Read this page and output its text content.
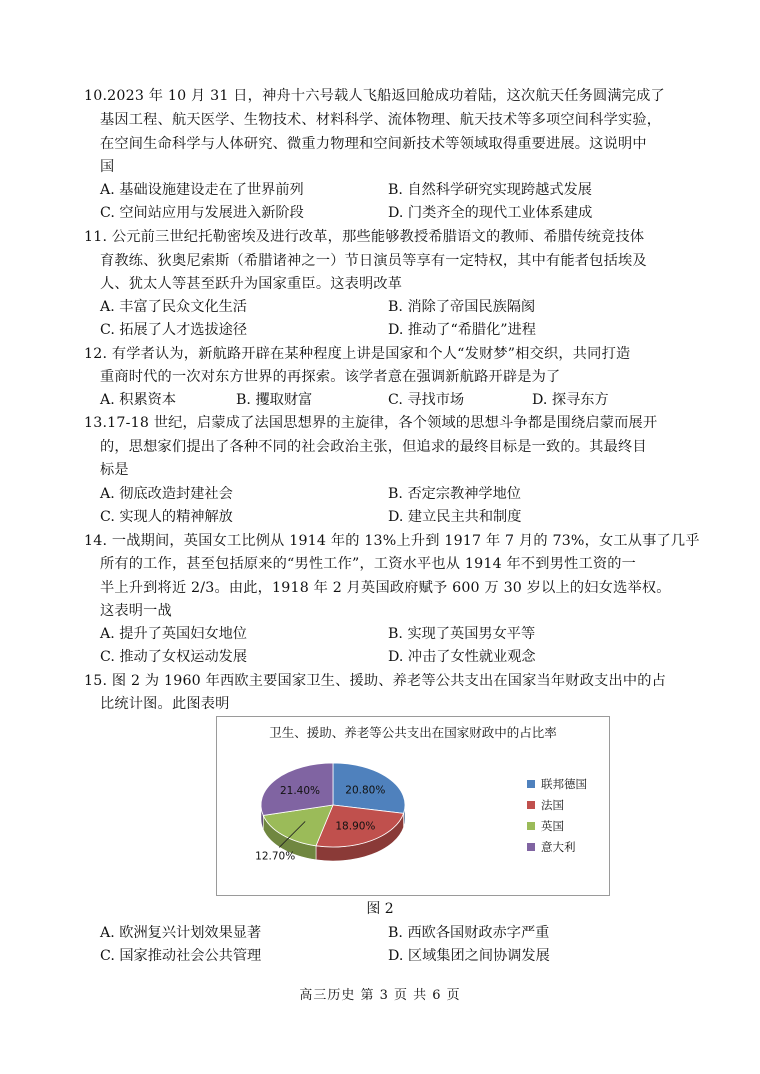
10.2023 年 10 月 31 日，神舟十六号载人飞船返回舱成功着陆，这次航天任务圆满完成了
基因工程、航天医学、生物技术、材料科学、流体物理、航天技术等多项空间科学实验，
在空间生命科学与人体研究、微重力物理和空间新技术等领域取得重要进展。这说明中
国
A. 基础设施建设走在了世界前列	B. 自然科学研究实现跨越式发展
C. 空间站应用与发展进入新阶段	D. 门类齐全的现代工业体系建成
11. 公元前三世纪托勒密埃及进行改革，那些能够教授希腊语文的教师、希腊传统竞技体
育教练、狄奥尼索斯（希腊诸神之一）节日演员等享有一定特权，其中有能者包括埃及
人、犹太人等甚至跃升为国家重臣。这表明改革
A. 丰富了民众文化生活	B. 消除了帝国民族隔阂
C. 拓展了人才选拔途径	D. 推动了“希腊化”进程
12. 有学者认为，新航路开辟在某种程度上讲是国家和个人“发财梦”相交织，共同打造
重商时代的一次对东方世界的再探索。该学者意在强调新航路开辟是为了
A. 积累资本	B. 攫取财富	C. 寻找市场	D. 探寻东方
13.17-18 世纪，启蒙成了法国思想界的主旋律，各个领域的思想斗争都是围绕启蒙而展开
的，思想家们提出了各种不同的社会政治主张，但追求的最终目标是一致的。其最终目
标是
A. 彻底改造封建社会	B. 否定宗教神学地位
C. 实现人的精神解放	D. 建立民主共和制度
14. 一战期间，英国女工比例从 1914 年的 13%上升到 1917 年 7 月的 73%，女工从事了几乎
所有的工作，甚至包括原来的“男性工作”，工资水平也从 1914 年不到男性工资的一
半上升到将近 2/3。由此，1918 年 2 月英国政府赋予 600 万 30 岁以上的妇女选举权。
这表明一战
A. 提升了英国妇女地位	B. 实现了英国男女平等
C. 推动了女权运动发展	D. 冲击了女性就业观念
15. 图 2 为 1960 年西欧主要国家卫生、援助、养老等公共支出在国家当年财政支出中的占
比统计图。此图表明
卫生、援助、养老等公共支出在国家财政中的占比率
20.80%
18.90%
12.70%
21.40%
联邦德国
法国
英国
意大利
图 2
A. 欧洲复兴计划效果显著	B. 西欧各国财政赤字严重
C. 国家推动社会公共管理	D. 区域集团之间协调发展
高三历史 第 3 页 共 6 页
